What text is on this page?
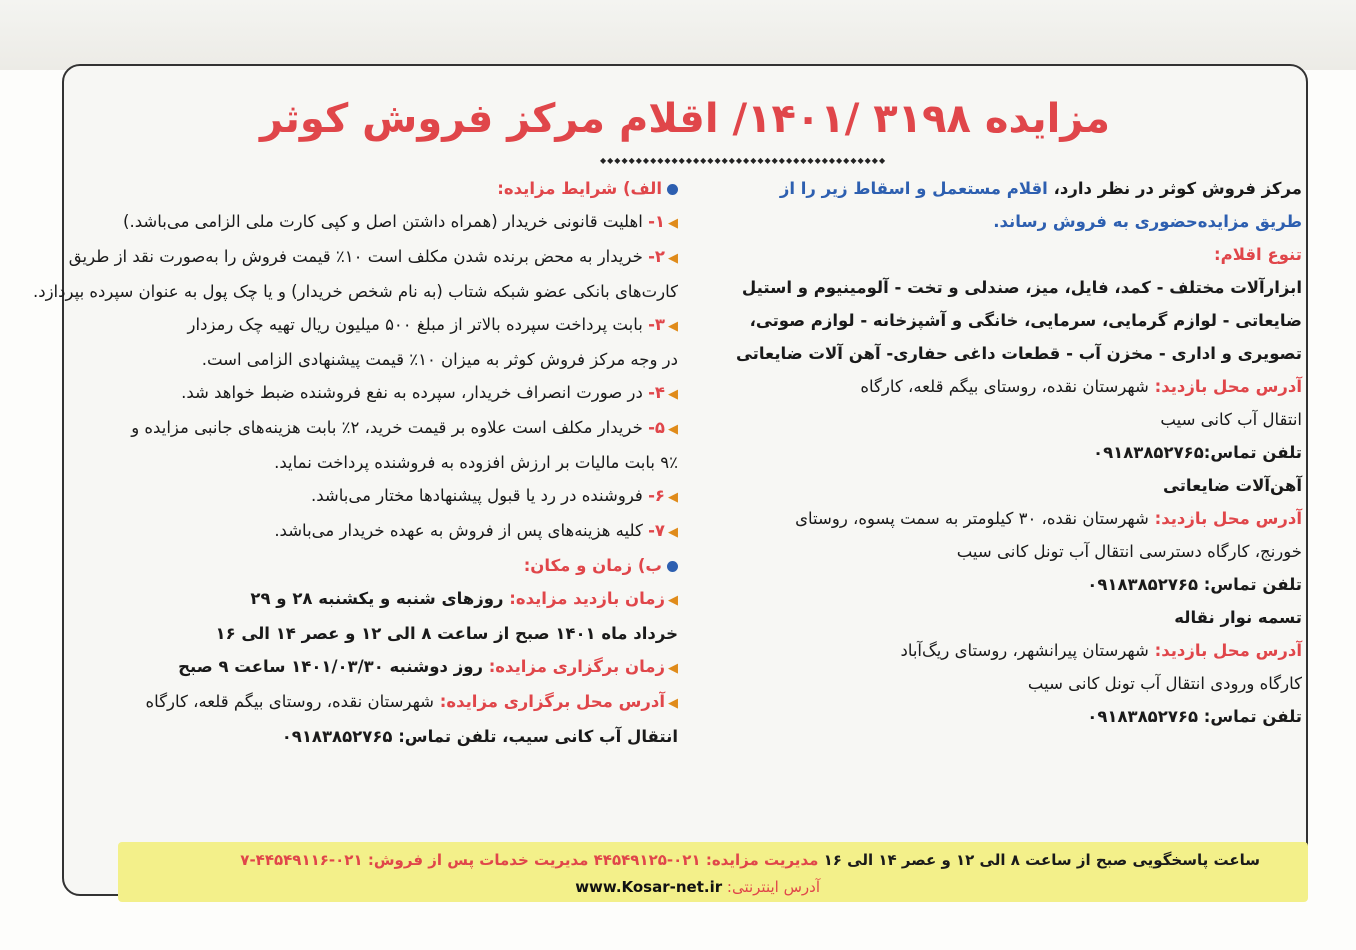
مزایده ۳۱۹۸ /۱۴۰۱/ اقلام مرکز فروش کوثر
◆◆◆◆◆◆◆◆◆◆◆◆◆◆◆◆◆◆◆◆◆◆◆◆◆◆◆◆◆◆◆◆◆◆◆◆◆◆◆◆
مرکز فروش کوثر در نظر دارد، اقلام مستعمل و اسقاط زیر را از
طریق مزایده‌حضوری به فروش رساند.
تنوع اقلام:
ابزارآلات مختلف - کمد، فایل، میز، صندلی و تخت - آلومینیوم و استیل
ضایعاتی - لوازم گرمایی، سرمایی، خانگی و آشپزخانه - لوازم صوتی،
تصویری و اداری - مخزن آب - قطعات داغی حفاری- آهن آلات ضایعاتی
آدرس محل بازدید: شهرستان نقده، روستای بیگم قلعه، کارگاه
انتقال آب کانی سیب
تلفن تماس:۰۹۱۸۳۸۵۲۷۶۵
آهن‌آلات ضایعاتی
آدرس محل بازدید: شهرستان نقده، ۳۰ کیلومتر به سمت پسوه، روستای
خورنج، کارگاه دسترسی انتقال آب تونل کانی سیب
تلفن تماس: ۰۹۱۸۳۸۵۲۷۶۵
تسمه نوار نقاله
آدرس محل بازدید: شهرستان پیرانشهر، روستای ریگ‌آباد
کارگاه ورودی انتقال آب تونل کانی سیب
تلفن تماس: ۰۹۱۸۳۸۵۲۷۶۵
الف) شرایط مزایده:
◀۱- اهلیت قانونی خریدار (همراه داشتن اصل و کپی کارت ملی الزامی می‌باشد.)
◀۲- خریدار به محض برنده شدن مکلف است ۱۰٪ قیمت فروش را به‌صورت نقد از طریق
کارت‌های بانکی عضو شبکه شتاب (به نام شخص خریدار) و یا چک پول به عنوان سپرده بپردازد.
◀۳- بابت پرداخت سپرده بالاتر از مبلغ ۵۰۰ میلیون ریال تهیه چک رمزدار
در وجه مرکز فروش کوثر به میزان ۱۰٪ قیمت پیشنهادی الزامی است.
◀۴- در صورت انصراف خریدار، سپرده به نفع فروشنده ضبط خواهد شد.
◀۵- خریدار مکلف است علاوه بر قیمت خرید، ۲٪ بابت هزینه‌های جانبی مزایده و
۹٪ بابت مالیات بر ارزش افزوده به فروشنده پرداخت نماید.
◀۶- فروشنده در رد یا قبول پیشنهادها مختار می‌باشد.
◀۷- کلیه هزینه‌های پس از فروش به عهده خریدار می‌باشد.
ب) زمان و مکان:
◀زمان بازدید مزایده: روزهای شنبه و یکشنبه ۲۸ و ۲۹
خرداد ماه ۱۴۰۱ صبح از ساعت ۸ الی ۱۲ و عصر ۱۴ الی ۱۶
◀زمان برگزاری مزایده: روز دوشنبه ۱۴۰۱/۰۳/۳۰ ساعت ۹ صبح
◀آدرس محل برگزاری مزایده: شهرستان نقده، روستای بیگم قلعه، کارگاه
انتقال آب کانی سیب، تلفن تماس: ۰۹۱۸۳۸۵۲۷۶۵
ساعت پاسخگویی صبح از ساعت ۸ الی ۱۲ و عصر ۱۴ الی ۱۶ مدیریت مزایده: ۰۲۱-۴۴۵۴۹۱۲۵ مدیریت خدمات پس از فروش: ۰۲۱-۴۴۵۴۹۱۱۶-۷
آدرس اینترنتی: www.Kosar-net.ir
